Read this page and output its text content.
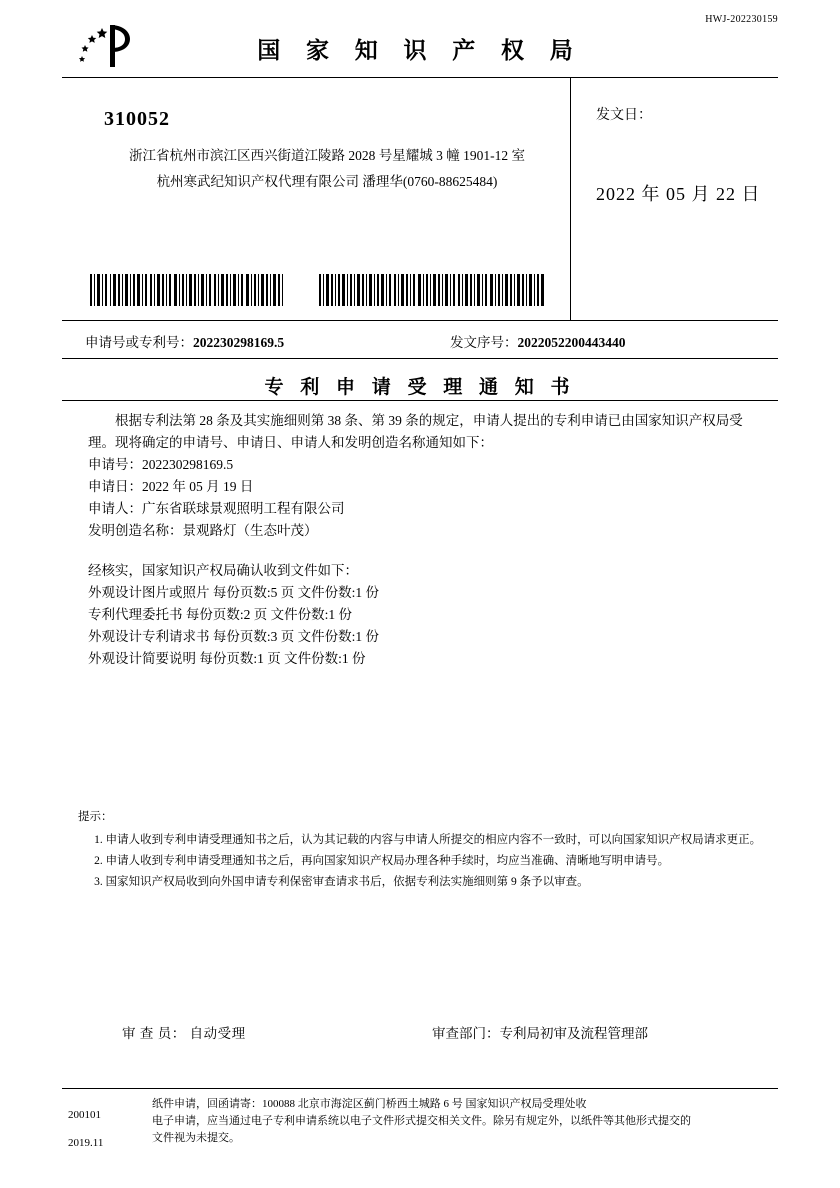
HWJ-202230159
国 家 知 识 产 权 局
310052
浙江省杭州市滨江区西兴街道江陵路 2028 号星耀城 3 幢 1901-12 室
杭州寒武纪知识产权代理有限公司 潘理华(0760-88625484)
发文日：
2022 年 05 月 22 日
申请号或专利号：202230298169.5	发文序号：2022052200443440
专 利 申 请 受 理 通 知 书

根据专利法第 28 条及其实施细则第 38 条、第 39 条的规定，申请人提出的专利申请已由国家知识产权局受理。现将确定的申请号、申请日、申请人和发明创造名称通知如下：

申请号：202230298169.5

申请日：2022 年 05 月 19 日

申请人：广东省联球景观照明工程有限公司

发明创造名称：景观路灯（生态叶茂）

经核实，国家知识产权局确认收到文件如下：

外观设计图片或照片 每份页数:5 页 文件份数:1 份

专利代理委托书 每份页数:2 页 文件份数:1 份

外观设计专利请求书 每份页数:3 页 文件份数:1 份

外观设计简要说明 每份页数:1 页 文件份数:1 份

提示：
1. 申请人收到专利申请受理通知书之后，认为其记载的内容与申请人所提交的相应内容不一致时，可以向国家知识产权局请求更正。
2. 申请人收到专利申请受理通知书之后，再向国家知识产权局办理各种手续时，均应当准确、清晰地写明申请号。
3. 国家知识产权局收到向外国申请专利保密审查请求书后，依据专利法实施细则第 9 条予以审查。
审 查 员： 自动受理	审查部门：专利局初审及流程管理部

200101

2019.11

纸件申请，回函请寄：100088 北京市海淀区蓟门桥西土城路 6 号 国家知识产权局受理处收

电子申请，应当通过电子专利申请系统以电子文件形式提交相关文件。除另有规定外，以纸件等其他形式提交的

文件视为未提交。
